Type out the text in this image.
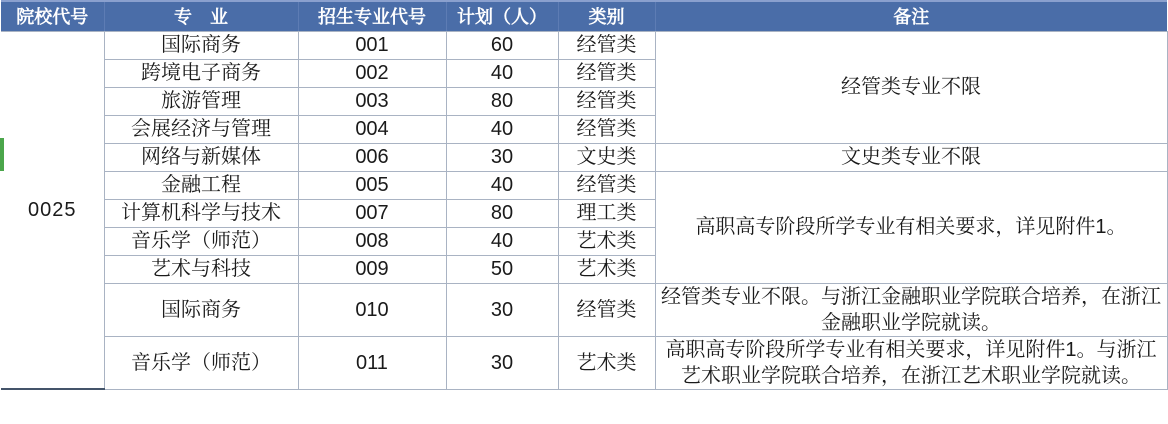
院校代号	专　业	招生专业代号	计划（人）	类别	备注
0025	国际商务	001	60	经管类	经管类专业不限
	跨境电子商务	002	40	经管类	
	旅游管理	003	80	经管类	
	会展经济与管理	004	40	经管类	
	网络与新媒体	006	30	文史类	文史类专业不限
	金融工程	005	40	经管类	高职高专阶段所学专业有相关要求，详见附件1。
	计算机科学与技术	007	80	理工类	
	音乐学（师范）	008	40	艺术类	
	艺术与科技	009	50	艺术类	
	国际商务	010	30	经管类	经管类专业不限。与浙江金融职业学院联合培养，在浙江金融职业学院就读。
	音乐学（师范）	011	30	艺术类	高职高专阶段所学专业有相关要求，详见附件1。与浙江艺术职业学院联合培养，在浙江艺术职业学院就读。
